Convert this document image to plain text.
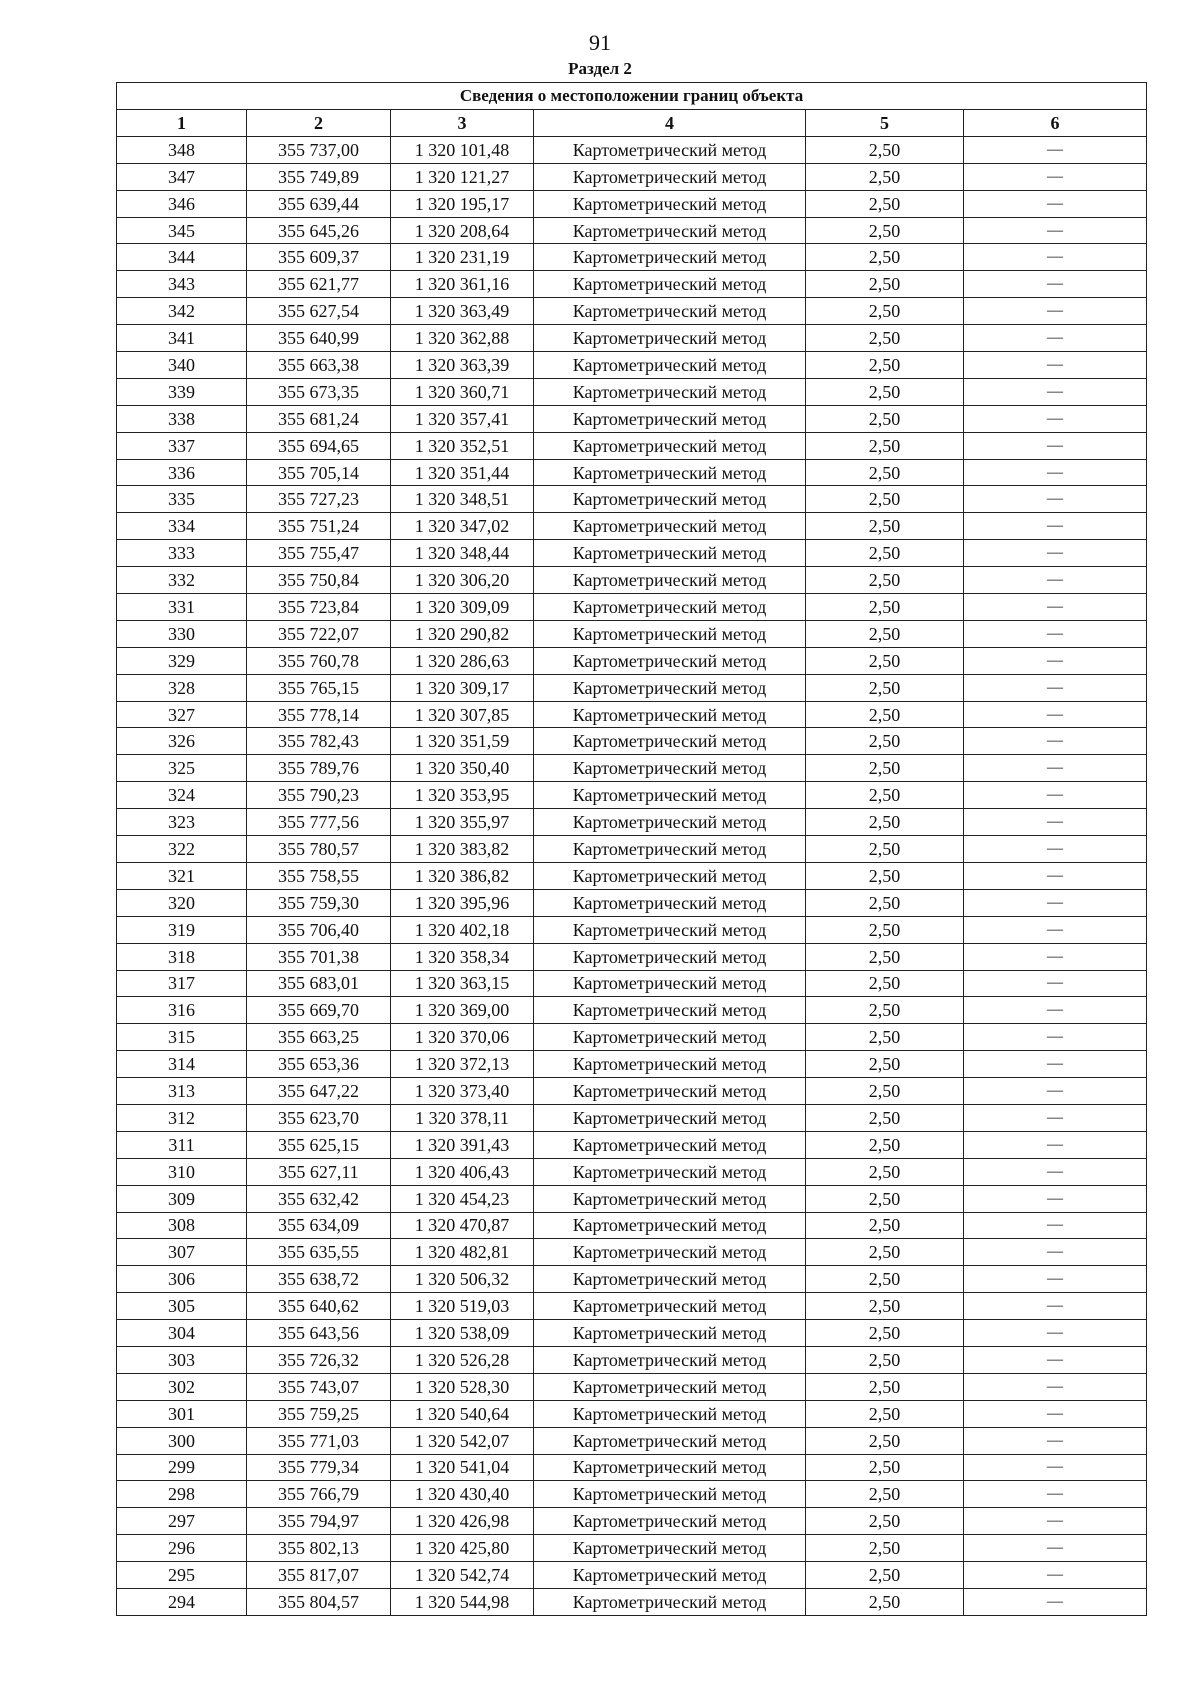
91
Раздел 2
Сведения о местоположении границ объекта					
1	2	3	4	5	6
348	355 737,00	1 320 101,48	Картометрический метод	2,50	—
347	355 749,89	1 320 121,27	Картометрический метод	2,50	—
346	355 639,44	1 320 195,17	Картометрический метод	2,50	—
345	355 645,26	1 320 208,64	Картометрический метод	2,50	—
344	355 609,37	1 320 231,19	Картометрический метод	2,50	—
343	355 621,77	1 320 361,16	Картометрический метод	2,50	—
342	355 627,54	1 320 363,49	Картометрический метод	2,50	—
341	355 640,99	1 320 362,88	Картометрический метод	2,50	—
340	355 663,38	1 320 363,39	Картометрический метод	2,50	—
339	355 673,35	1 320 360,71	Картометрический метод	2,50	—
338	355 681,24	1 320 357,41	Картометрический метод	2,50	—
337	355 694,65	1 320 352,51	Картометрический метод	2,50	—
336	355 705,14	1 320 351,44	Картометрический метод	2,50	—
335	355 727,23	1 320 348,51	Картометрический метод	2,50	—
334	355 751,24	1 320 347,02	Картометрический метод	2,50	—
333	355 755,47	1 320 348,44	Картометрический метод	2,50	—
332	355 750,84	1 320 306,20	Картометрический метод	2,50	—
331	355 723,84	1 320 309,09	Картометрический метод	2,50	—
330	355 722,07	1 320 290,82	Картометрический метод	2,50	—
329	355 760,78	1 320 286,63	Картометрический метод	2,50	—
328	355 765,15	1 320 309,17	Картометрический метод	2,50	—
327	355 778,14	1 320 307,85	Картометрический метод	2,50	—
326	355 782,43	1 320 351,59	Картометрический метод	2,50	—
325	355 789,76	1 320 350,40	Картометрический метод	2,50	—
324	355 790,23	1 320 353,95	Картометрический метод	2,50	—
323	355 777,56	1 320 355,97	Картометрический метод	2,50	—
322	355 780,57	1 320 383,82	Картометрический метод	2,50	—
321	355 758,55	1 320 386,82	Картометрический метод	2,50	—
320	355 759,30	1 320 395,96	Картометрический метод	2,50	—
319	355 706,40	1 320 402,18	Картометрический метод	2,50	—
318	355 701,38	1 320 358,34	Картометрический метод	2,50	—
317	355 683,01	1 320 363,15	Картометрический метод	2,50	—
316	355 669,70	1 320 369,00	Картометрический метод	2,50	—
315	355 663,25	1 320 370,06	Картометрический метод	2,50	—
314	355 653,36	1 320 372,13	Картометрический метод	2,50	—
313	355 647,22	1 320 373,40	Картометрический метод	2,50	—
312	355 623,70	1 320 378,11	Картометрический метод	2,50	—
311	355 625,15	1 320 391,43	Картометрический метод	2,50	—
310	355 627,11	1 320 406,43	Картометрический метод	2,50	—
309	355 632,42	1 320 454,23	Картометрический метод	2,50	—
308	355 634,09	1 320 470,87	Картометрический метод	2,50	—
307	355 635,55	1 320 482,81	Картометрический метод	2,50	—
306	355 638,72	1 320 506,32	Картометрический метод	2,50	—
305	355 640,62	1 320 519,03	Картометрический метод	2,50	—
304	355 643,56	1 320 538,09	Картометрический метод	2,50	—
303	355 726,32	1 320 526,28	Картометрический метод	2,50	—
302	355 743,07	1 320 528,30	Картометрический метод	2,50	—
301	355 759,25	1 320 540,64	Картометрический метод	2,50	—
300	355 771,03	1 320 542,07	Картометрический метод	2,50	—
299	355 779,34	1 320 541,04	Картометрический метод	2,50	—
298	355 766,79	1 320 430,40	Картометрический метод	2,50	—
297	355 794,97	1 320 426,98	Картометрический метод	2,50	—
296	355 802,13	1 320 425,80	Картометрический метод	2,50	—
295	355 817,07	1 320 542,74	Картометрический метод	2,50	—
294	355 804,57	1 320 544,98	Картометрический метод	2,50	—
